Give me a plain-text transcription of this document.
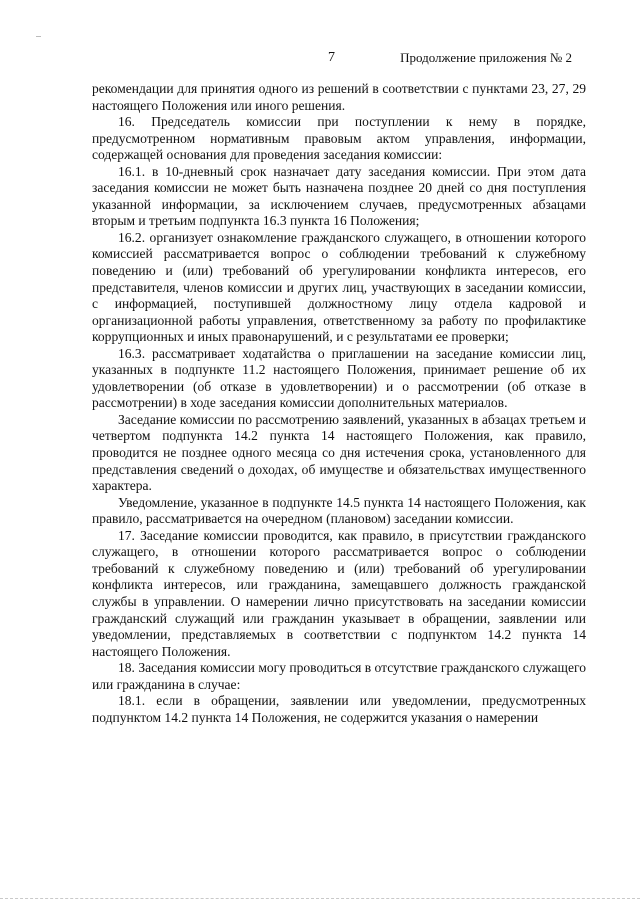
7	Продолжение приложения № 2

рекомендации для принятия одного из решений в соответствии с пунктами 23, 27, 29 настоящего Положения или иного решения.

16. Председатель комиссии при поступлении к нему в порядке, предусмотренном нормативным правовым актом управления, информации, содержащей основания для проведения заседания комиссии:

16.1. в 10-дневный срок назначает дату заседания комиссии. При этом дата заседания комиссии не может быть назначена позднее 20 дней со дня поступления указанной информации, за исключением случаев, предусмотренных абзацами вторым и третьим подпункта 16.3 пункта 16 Положения;

16.2. организует ознакомление гражданского служащего, в отношении которого комиссией рассматривается вопрос о соблюдении требований к служебному поведению и (или) требований об урегулировании конфликта интересов, его представителя, членов комиссии и других лиц, участвующих в заседании комиссии, с информацией, поступившей должностному лицу отдела кадровой и организационной работы управления, ответственному за работу по профилактике коррупционных и иных правонарушений, и с результатами ее проверки;

16.3. рассматривает ходатайства о приглашении на заседание комиссии лиц, указанных в подпункте 11.2 настоящего Положения, принимает решение об их удовлетворении (об отказе в удовлетворении) и о рассмотрении (об отказе в рассмотрении) в ходе заседания комиссии дополнительных материалов.

Заседание комиссии по рассмотрению заявлений, указанных в абзацах третьем и четвертом подпункта 14.2 пункта 14 настоящего Положения, как правило, проводится не позднее одного месяца со дня истечения срока, установленного для представления сведений о доходах, об имуществе и обязательствах имущественного характера.

Уведомление, указанное в подпункте 14.5 пункта 14 настоящего Положения, как правило, рассматривается на очередном (плановом) заседании комиссии.

17. Заседание комиссии проводится, как правило, в присутствии гражданского служащего, в отношении которого рассматривается вопрос о соблюдении требований к служебному поведению и (или) требований об урегулировании конфликта интересов, или гражданина, замещавшего должность гражданской службы в управлении. О намерении лично присутствовать на заседании комиссии гражданский служащий или гражданин указывает в обращении, заявлении или уведомлении, представляемых в соответствии с подпунктом 14.2 пункта 14 настоящего Положения.

18. Заседания комиссии могу проводиться в отсутствие гражданского служащего или гражданина в случае:

18.1. если в обращении, заявлении или уведомлении, предусмотренных подпунктом 14.2 пункта 14 Положения, не содержится указания о намерении
